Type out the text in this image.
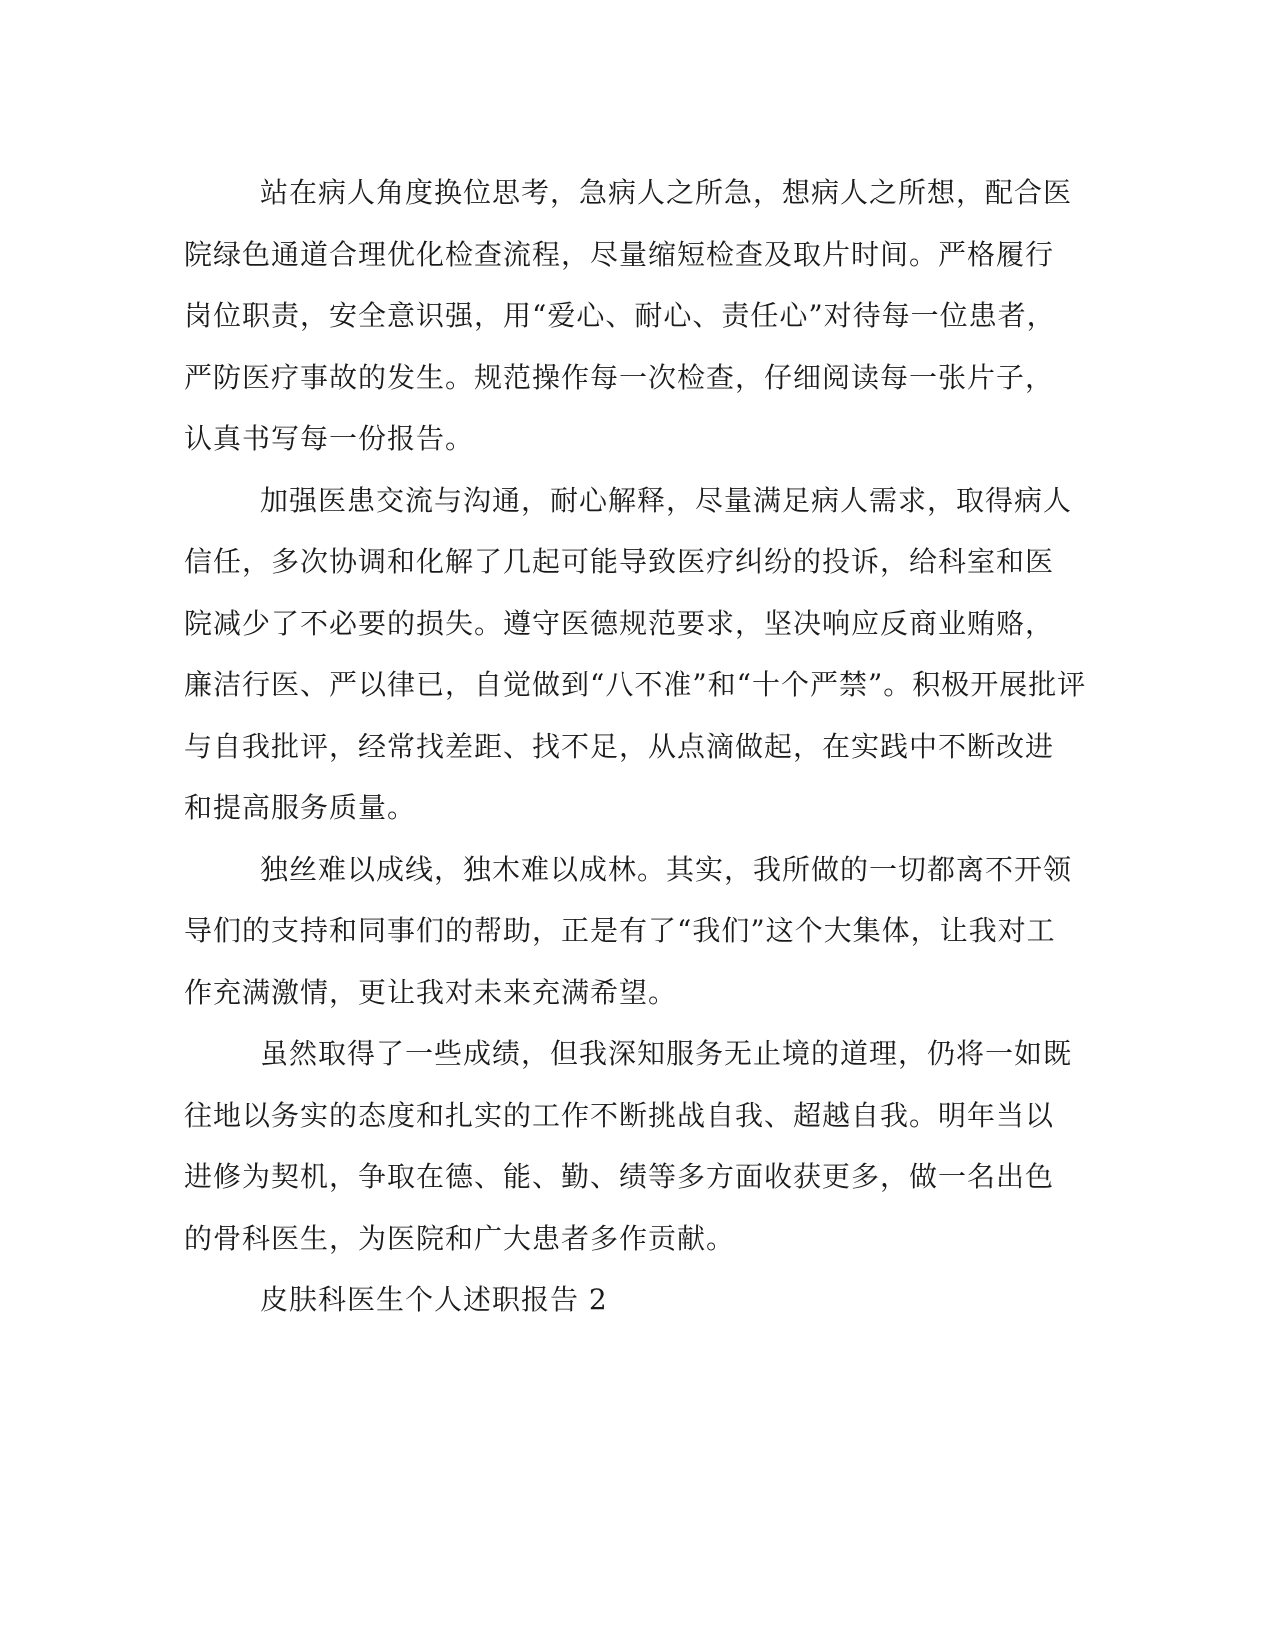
站在病人角度换位思考，急病人之所急，想病人之所想，配合医
院绿色通道合理优化检查流程，尽量缩短检查及取片时间。严格履行
岗位职责，安全意识强，用“爱心、耐心、责任心”对待每一位患者，
严防医疗事故的发生。规范操作每一次检查，仔细阅读每一张片子，
认真书写每一份报告。
加强医患交流与沟通，耐心解释，尽量满足病人需求，取得病人
信任，多次协调和化解了几起可能导致医疗纠纷的投诉，给科室和医
院减少了不必要的损失。遵守医德规范要求，坚决响应反商业贿赂，
廉洁行医、严以律已，自觉做到“八不准”和“十个严禁”。积极开展批评
与自我批评，经常找差距、找不足，从点滴做起，在实践中不断改进
和提高服务质量。
独丝难以成线，独木难以成林。其实，我所做的一切都离不开领
导们的支持和同事们的帮助，正是有了“我们”这个大集体，让我对工
作充满激情，更让我对未来充满希望。
虽然取得了一些成绩，但我深知服务无止境的道理，仍将一如既
往地以务实的态度和扎实的工作不断挑战自我、超越自我。明年当以
进修为契机，争取在德、能、勤、绩等多方面收获更多，做一名出色
的骨科医生，为医院和广大患者多作贡献。
皮肤科医生个人述职报告 2
